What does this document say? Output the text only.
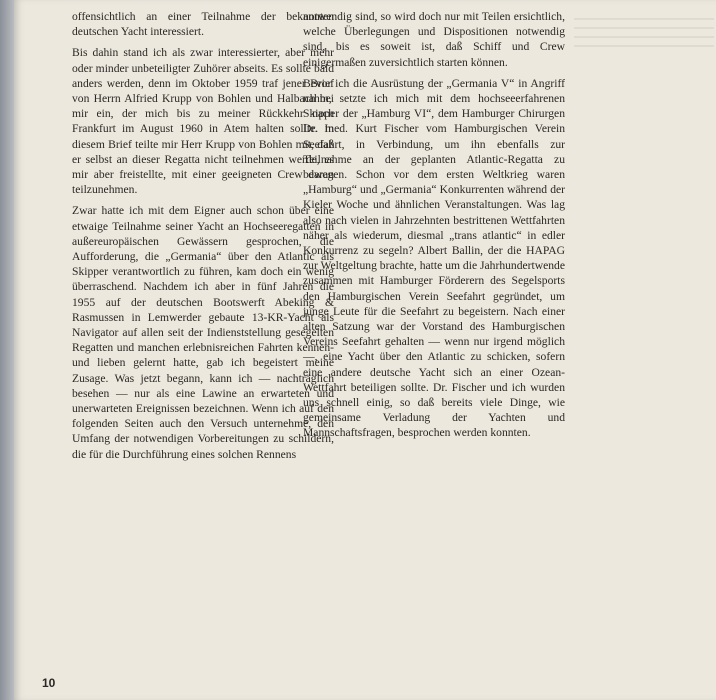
offensichtlich an einer Teilnahme der bekannten deutschen Yacht interessiert.

Bis dahin stand ich als zwar interessierter, aber mehr oder minder unbeteiligter Zuhörer abseits. Es sollte bald anders werden, denn im Oktober 1959 traf jener Brief von Herrn Alfried Krupp von Bohlen und Halbach bei mir ein, der mich bis zu meiner Rückkehr nach Frankfurt im August 1960 in Atem halten sollte. In diesem Brief teilte mir Herr Krupp von Bohlen mit, daß er selbst an dieser Regatta nicht teilnehmen werde, es mir aber freistellte, mit einer geeigneten Crew daran teilzunehmen.

Zwar hatte ich mit dem Eigner auch schon über eine etwaige Teilnahme seiner Yacht an Hochseeregatten in außereuropäischen Gewässern gesprochen, die Aufforderung, die „Germania“ über den Atlantic als Skipper verantwortlich zu führen, kam doch ein wenig überraschend. Nachdem ich aber in fünf Jahren die 1955 auf der deutschen Bootswerft Abeking & Rasmussen in Lemwerder gebaute 13-KR-Yacht als Navigator auf allen seit der Indienststellung gesegelten Regatten und manchen erlebnisreichen Fahrten kennen- und lieben gelernt hatte, gab ich begeistert meine Zusage. Was jetzt begann, kann ich — nachträglich besehen — nur als eine Lawine an erwarteten und unerwarteten Ereignissen bezeichnen. Wenn ich auf den folgenden Seiten auch den Versuch unternehme, den Umfang der notwendigen Vorbereitungen zu schildern, die für die Durchführung eines solchen Rennens

notwendig sind, so wird doch nur mit Teilen ersichtlich, welche Überlegungen und Dispositionen notwendig sind, bis es soweit ist, daß Schiff und Crew einigermaßen zuversichtlich starten können.

Bevor ich die Ausrüstung der „Germania V“ in Angriff nahm, setzte ich mich mit dem hochseeerfahrenen Skipper der „Hamburg VI“, dem Hamburger Chirurgen Dr. med. Kurt Fischer vom Hamburgischen Verein Seefahrt, in Verbindung, um ihn ebenfalls zur Teilnahme an der geplanten Atlantic-Regatta zu bewegen. Schon vor dem ersten Weltkrieg waren „Hamburg“ und „Germania“ Konkurrenten während der Kieler Woche und ähnlichen Veranstaltungen. Was lag also nach vielen in Jahrzehnten bestrittenen Wettfahrten näher als wiederum, diesmal „trans atlantic“ in edler Konkurrenz zu segeln? Albert Ballin, der die HAPAG zur Weltgeltung brachte, hatte um die Jahrhundertwende zusammen mit Hamburger Förderern des Segelsports den Hamburgischen Verein Seefahrt gegründet, um junge Leute für die Seefahrt zu begeistern. Nach einer alten Satzung war der Vorstand des Hamburgischen Vereins Seefahrt gehalten — wenn nur irgend möglich —, eine Yacht über den Atlantic zu schicken, sofern eine andere deutsche Yacht sich an einer Ozean-Wettfahrt beteiligen sollte. Dr. Fischer und ich wurden uns schnell einig, so daß bereits viele Dinge, wie gemeinsame Verladung der Yachten und Mannschaftsfragen, besprochen werden konnten.

10
